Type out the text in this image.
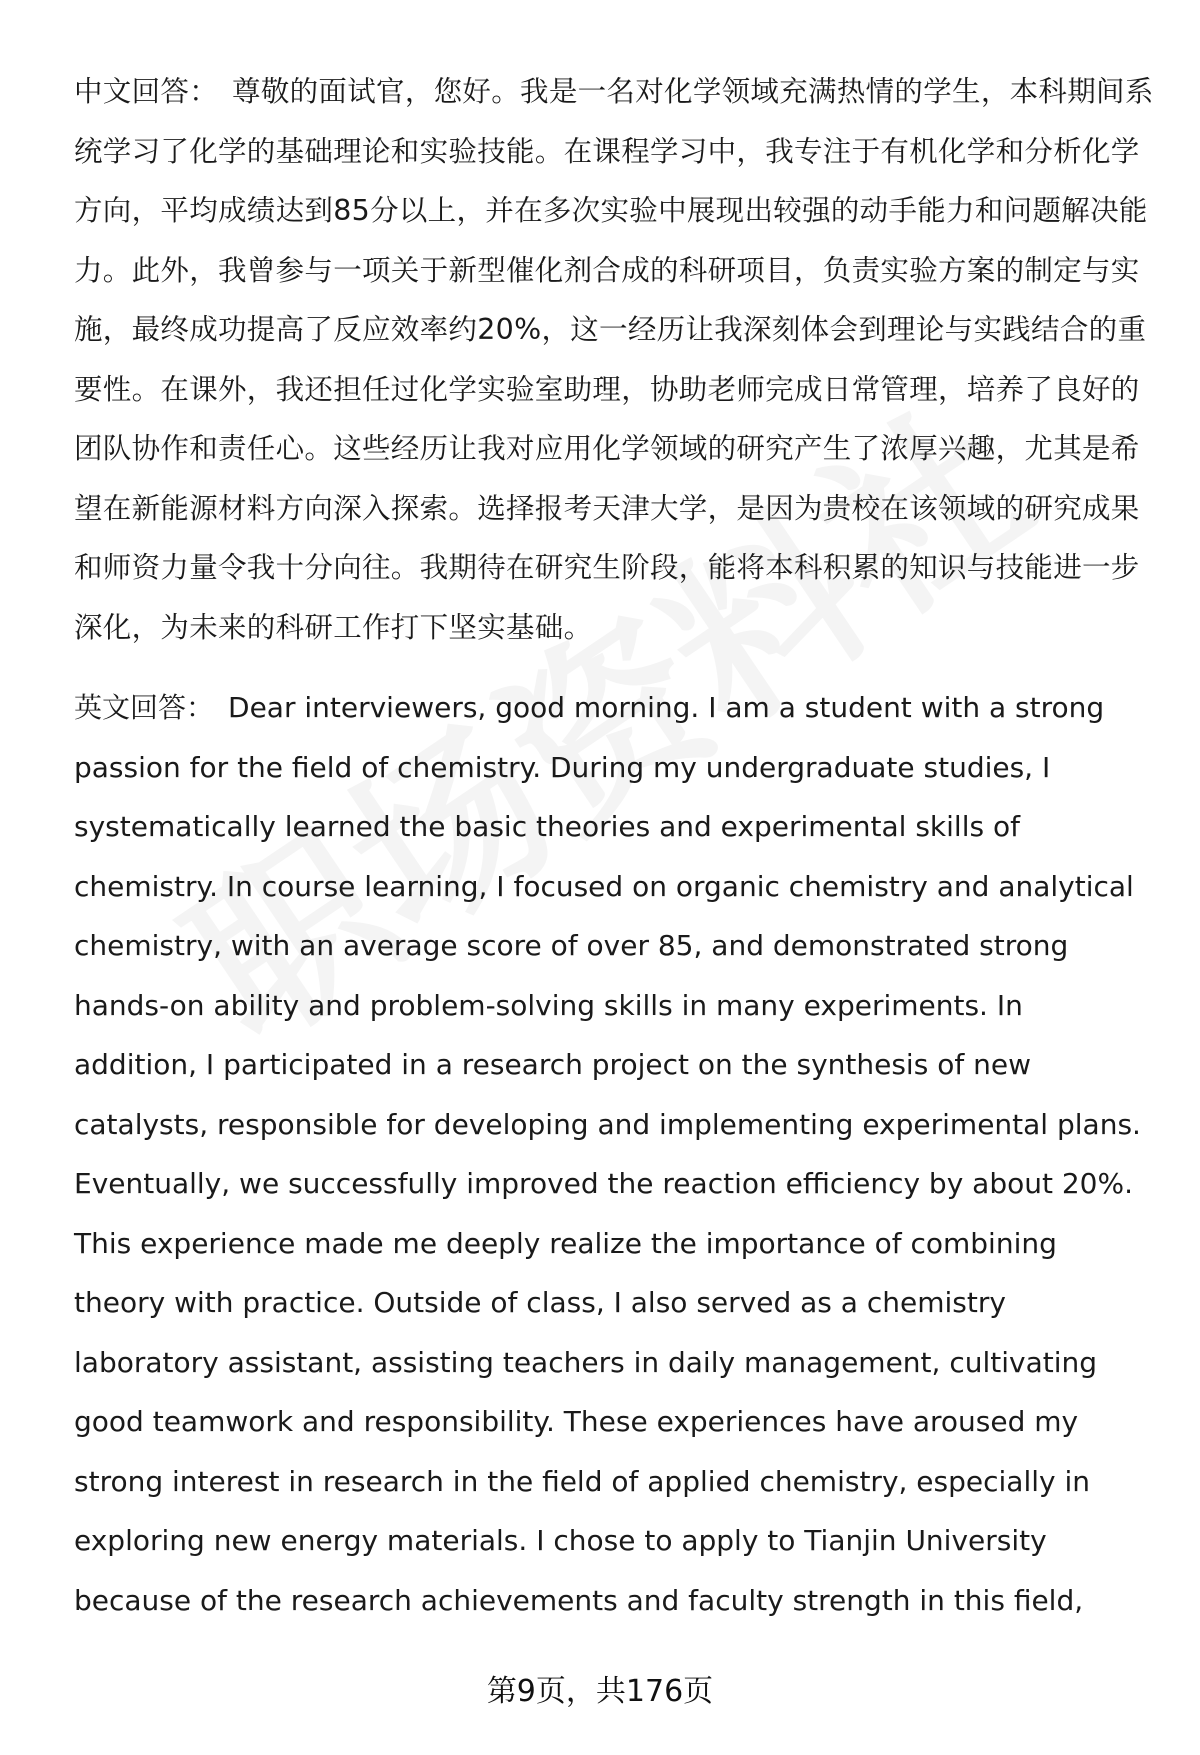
中文回答： 尊敬的面试官，您好。我是一名对化学领域充满热情的学生，本科期间系统学习了化学的基础理论和实验技能。在课程学习中，我专注于有机化学和分析化学方向，平均成绩达到85分以上，并在多次实验中展现出较强的动手能力和问题解决能力。此外，我曾参与一项关于新型催化剂合成的科研项目，负责实验方案的制定与实施，最终成功提高了反应效率约20%，这一经历让我深刻体会到理论与实践结合的重要性。在课外，我还担任过化学实验室助理，协助老师完成日常管理，培养了良好的团队协作和责任心。这些经历让我对应用化学领域的研究产生了浓厚兴趣，尤其是希望在新能源材料方向深入探索。选择报考天津大学，是因为贵校在该领域的研究成果和师资力量令我十分向往。我期待在研究生阶段，能将本科积累的知识与技能进一步深化，为未来的科研工作打下坚实基础。

英文回答： Dear interviewers, good morning. I am a student with a strong passion for the field of chemistry. During my undergraduate studies, I systematically learned the basic theories and experimental skills of chemistry. In course learning, I focused on organic chemistry and analytical chemistry, with an average score of over 85, and demonstrated strong hands-on ability and problem-solving skills in many experiments. In addition, I participated in a research project on the synthesis of new catalysts, responsible for developing and implementing experimental plans. Eventually, we successfully improved the reaction efficiency by about 20%. This experience made me deeply realize the importance of combining theory with practice. Outside of class, I also served as a chemistry laboratory assistant, assisting teachers in daily management, cultivating good teamwork and responsibility. These experiences have aroused my strong interest in research in the field of applied chemistry, especially in exploring new energy materials. I chose to apply to Tianjin University because of the research achievements and faculty strength in this field,

第9页，共176页
